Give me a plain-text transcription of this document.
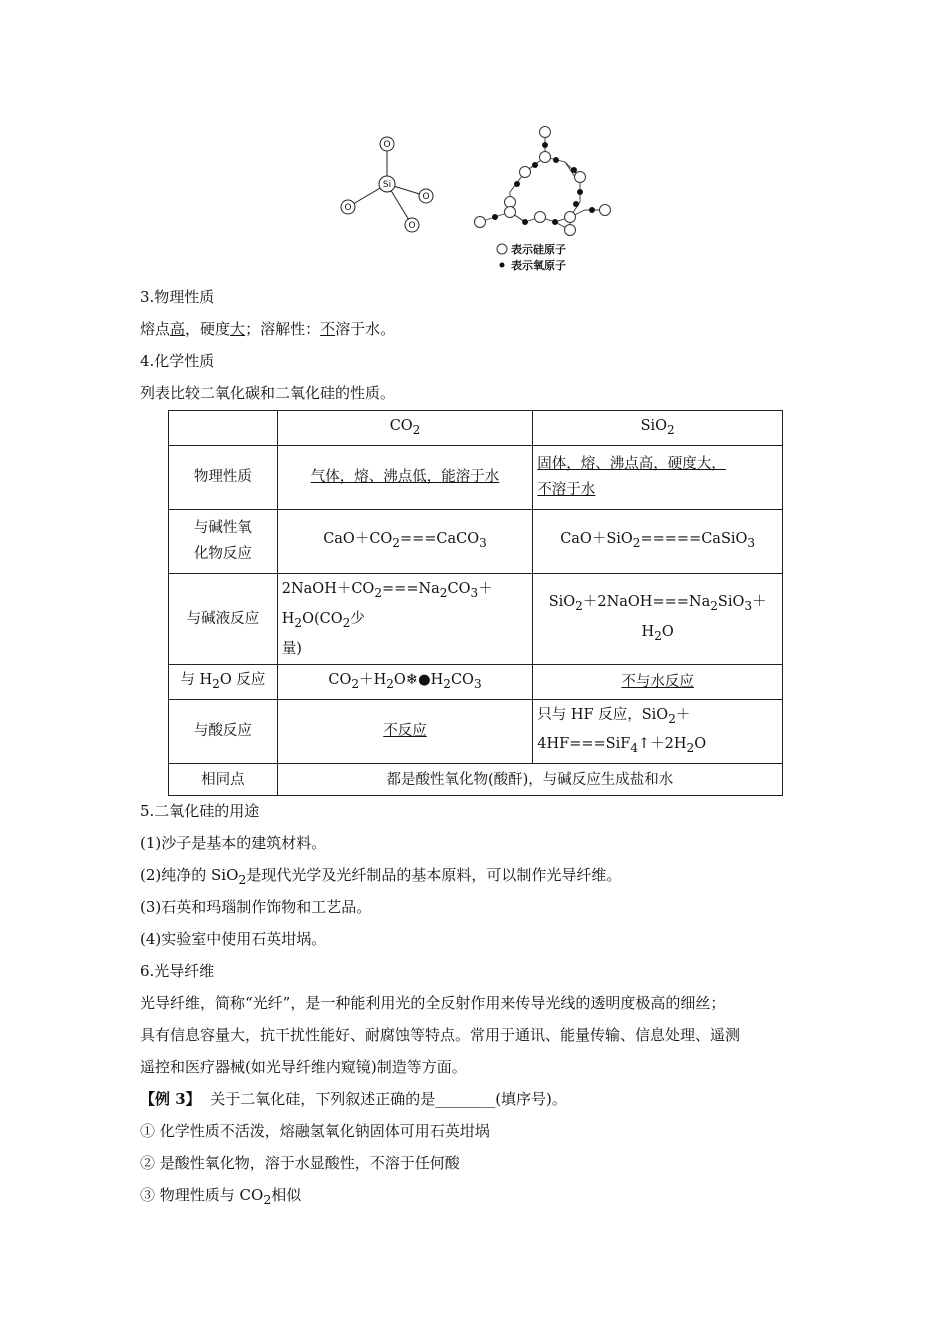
O
O
O
O
Si
表示硅原子
表示氧原子
3.物理性质
熔点高，硬度大；溶解性：不溶于水。
4.化学性质
列表比较二氧化碳和二氧化硅的性质。
	$CO_2$	SiO$_2$
物理性质	气体，熔、沸点低，能溶于水	固体，熔、沸点高，硬度大，
不溶于水
与碱性氧
化物反应	$CaO+CO_2===CaCO_3$	CaO＋SiO$_2$=====CaSiO$_3$
与碱液反应	$2NaOH+CO_2===Na_2CO_3+H_2O(CO_2$少
量)	$SiO_2+2NaOH===Na_2SiO_3+H_2O$
与 $H_2O$ 反应	$CO_2+H_2O❄●H_2CO_3$	不与水反应
与酸反应	不反应	只与 HF 反应，SiO$_2$＋
$4HF===SiF_4↑+2H_2O$
相同点	都是酸性氧化物(酸酐)，与碱反应生成盐和水	
5.二氧化硅的用途
(1)沙子是基本的建筑材料。
(2)纯净的 SiO$_2$是现代光学及光纤制品的基本原料，可以制作光导纤维。
(3)石英和玛瑙制作饰物和工艺品。
(4)实验室中使用石英坩埚。
6.光导纤维
光导纤维，简称“光纤”，是一种能利用光的全反射作用来传导光线的透明度极高的细丝；
具有信息容量大，抗干扰性能好、耐腐蚀等特点。常用于通讯、能量传输、信息处理、遥测
遥控和医疗器械(如光导纤维内窥镜)制造等方面。
【例 3】  关于二氧化硅，下列叙述正确的是________(填序号)。
① 化学性质不活泼，熔融氢氧化钠固体可用石英坩埚
② 是酸性氧化物，溶于水显酸性，不溶于任何酸
③ 物理性质与 $CO_2$相似
